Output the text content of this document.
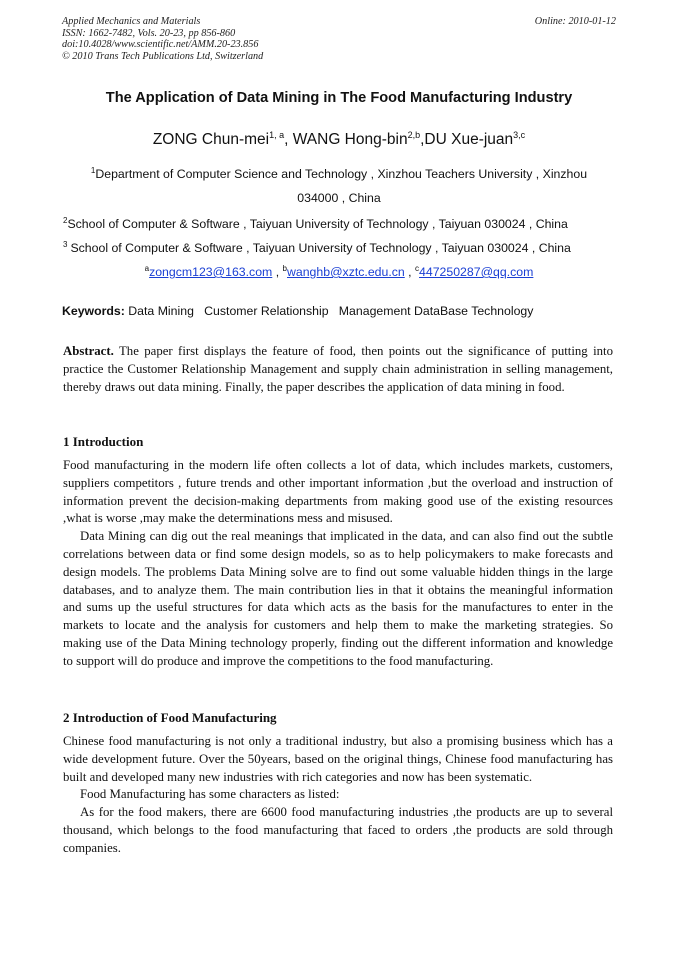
Applied Mechanics and Materials
ISSN: 1662-7482, Vols. 20-23, pp 856-860
doi:10.4028/www.scientific.net/AMM.20-23.856
© 2010 Trans Tech Publications Ltd, Switzerland
Online: 2010-01-12
The Application of Data Mining in The Food Manufacturing Industry
ZONG Chun-mei$^{1, a}$, WANG Hong-bin$^{2,b}$,DU Xue-juan$^{3,c}$
$^1$Department of Computer Science and Technology , Xinzhou Teachers University , Xinzhou
034000 , China
$^2$School of Computer & Software , Taiyuan University of Technology , Taiyuan 030024 , China
$^3$ School of Computer & Software , Taiyuan University of Technology , Taiyuan 030024 , China
$^a$zongcm123@163.com , $^b$wanghb@xztc.edu.cn , $^c$447250287@qq.com
Keywords: Data Mining   Customer Relationship   Management DataBase Technology

Abstract. The paper first displays the feature of food, then points out the significance of putting into practice the Customer Relationship Management and supply chain administration in selling management, thereby draws out data mining. Finally, the paper describes the application of data mining in food.

1 Introduction

Food manufacturing in the modern life often collects a lot of data, which includes markets, customers, suppliers competitors , future trends and other important information ,but the overload and instruction of information prevent the decision-making departments from making good use of the existing resources ,what is worse ,may make the determinations mess and misused.

Data Mining can dig out the real meanings that implicated in the data, and can also find out the subtle correlations between data or find some design models, so as to help policymakers to make forecasts and design models. The problems Data Mining solve are to find out some valuable hidden things in the large databases, and to analyze them. The main contribution lies in that it obtains the meaningful information and sums up the useful structures for data which acts as the basis for the manufactures to enter in the markets to locate and the analysis for customers and help them to make the marketing strategies. So making use of the Data Mining technology properly, finding out the different information and knowledge to support will do produce and improve the competitions to the food manufacturing.

2 Introduction of Food Manufacturing

Chinese food manufacturing is not only a traditional industry, but also a promising business which has a wide development future. Over the 50years, based on the original things, Chinese food manufacturing has built and developed many new industries with rich categories and now has been systematic.

Food Manufacturing has some characters as listed:

As for the food makers, there are 6600 food manufacturing industries ,the products are up to several thousand, which belongs to the food manufacturing that faced to orders ,the products are sold through companies.
